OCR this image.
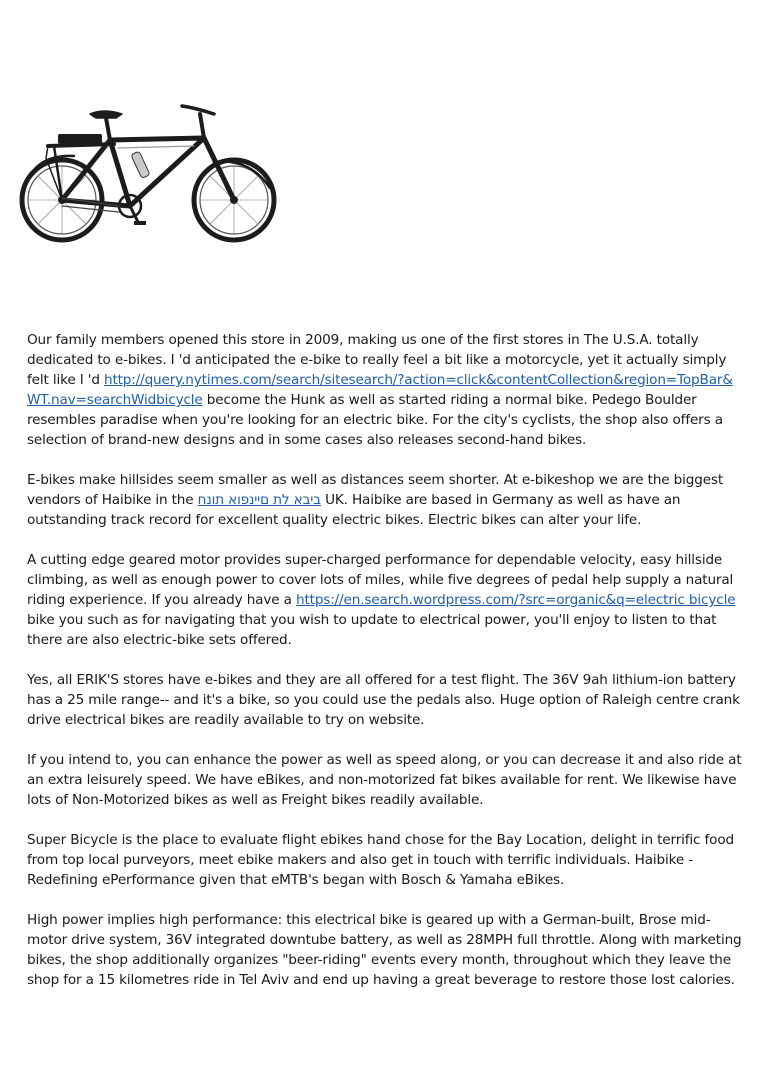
Our family members opened this store in 2009, making us one of the first stores in The U.S.A. totally dedicated to e-bikes. I 'd anticipated the e-bike to really feel a bit like a motorcycle, yet it actually simply felt like I 'd http://query.nytimes.com/search/sitesearch/?action=click&contentCollection&region=TopBar&WT.nav=searchWidbicycle become the Hunk as well as started riding a normal bike. Pedego Boulder resembles paradise when you're looking for an electric bike. For the city's cyclists, the shop also offers a selection of brand-new designs and in some cases also releases second-hand bikes.

E-bikes make hillsides seem smaller as well as distances seem shorter. At e-bikeshop we are the biggest vendors of Haibike in the ביבא לת םיינפוא תונח UK. Haibike are based in Germany as well as have an outstanding track record for excellent quality electric bikes. Electric bikes can alter your life.

A cutting edge geared motor provides super-charged performance for dependable velocity, easy hillside climbing, as well as enough power to cover lots of miles, while five degrees of pedal help supply a natural riding experience. If you already have a https://en.search.wordpress.com/?src=organic&q=electric bicycle bike you such as for navigating that you wish to update to electrical power, you'll enjoy to listen to that there are also electric-bike sets offered.

Yes, all ERIK'S stores have e-bikes and they are all offered for a test flight. The 36V 9ah lithium-ion battery has a 25 mile range-- and it's a bike, so you could use the pedals also. Huge option of Raleigh centre crank drive electrical bikes are readily available to try on website.

If you intend to, you can enhance the power as well as speed along, or you can decrease it and also ride at an extra leisurely speed. We have eBikes, and non-motorized fat bikes available for rent. We likewise have lots of Non-Motorized bikes as well as Freight bikes readily available.

Super Bicycle is the place to evaluate flight ebikes hand chose for the Bay Location, delight in terrific food from top local purveyors, meet ebike makers and also get in touch with terrific individuals. Haibike - Redefining ePerformance given that eMTB's began with Bosch & Yamaha eBikes.

High power implies high performance: this electrical bike is geared up with a German-built, Brose mid-motor drive system, 36V integrated downtube battery, as well as 28MPH full throttle. Along with marketing bikes, the shop additionally organizes "beer-riding" events every month, throughout which they leave the shop for a 15 kilometres ride in Tel Aviv and end up having a great beverage to restore those lost calories.
